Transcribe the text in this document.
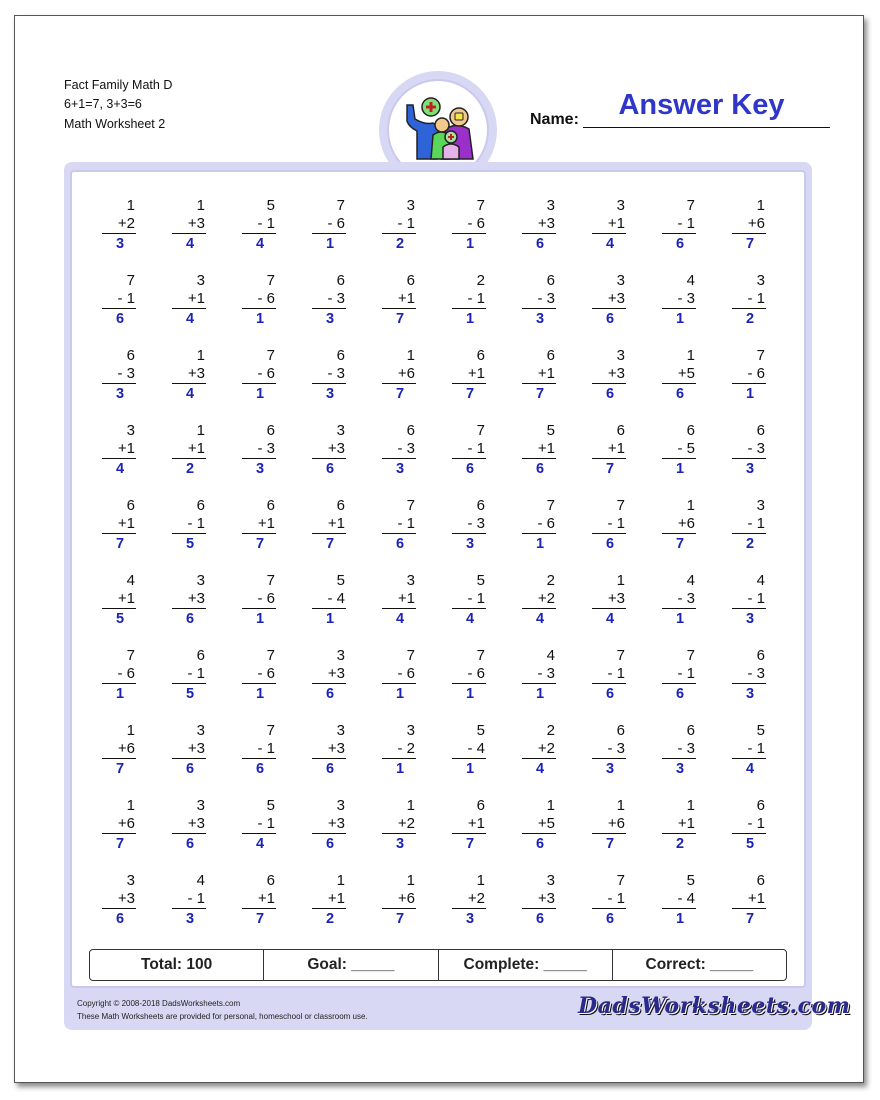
Fact Family Math D
6+1=7, 3+3=6
Math Worksheet 2	Name:	Answer Key
1
+2
3
1
+3
4
5
- 1
4
7
- 6
1
3
- 1
2
7
- 6
1
3
+3
6
3
+1
4
7
- 1
6
1
+6
7
7
- 1
6
3
+1
4
7
- 6
1
6
- 3
3
6
+1
7
2
- 1
1
6
- 3
3
3
+3
6
4
- 3
1
3
- 1
2
6
- 3
3
1
+3
4
7
- 6
1
6
- 3
3
1
+6
7
6
+1
7
6
+1
7
3
+3
6
1
+5
6
7
- 6
1
3
+1
4
1
+1
2
6
- 3
3
3
+3
6
6
- 3
3
7
- 1
6
5
+1
6
6
+1
7
6
- 5
1
6
- 3
3
6
+1
7
6
- 1
5
6
+1
7
6
+1
7
7
- 1
6
6
- 3
3
7
- 6
1
7
- 1
6
1
+6
7
3
- 1
2
4
+1
5
3
+3
6
7
- 6
1
5
- 4
1
3
+1
4
5
- 1
4
2
+2
4
1
+3
4
4
- 3
1
4
- 1
3
7
- 6
1
6
- 1
5
7
- 6
1
3
+3
6
7
- 6
1
7
- 6
1
4
- 3
1
7
- 1
6
7
- 1
6
6
- 3
3
1
+6
7
3
+3
6
7
- 1
6
3
+3
6
3
- 2
1
5
- 4
1
2
+2
4
6
- 3
3
6
- 3
3
5
- 1
4
1
+6
7
3
+3
6
5
- 1
4
3
+3
6
1
+2
3
6
+1
7
1
+5
6
1
+6
7
1
+1
2
6
- 1
5
3
+3
6
4
- 1
3
6
+1
7
1
+1
2
1
+6
7
1
+2
3
3
+3
6
7
- 1
6
5
- 4
1
6
+1
7
Total: 100	Goal: _____	Complete: _____	Correct: _____
Copyright © 2008-2018 DadsWorksheets.com
These Math Worksheets are provided for personal, homeschool or classroom use.	DadsWorksheets.com
